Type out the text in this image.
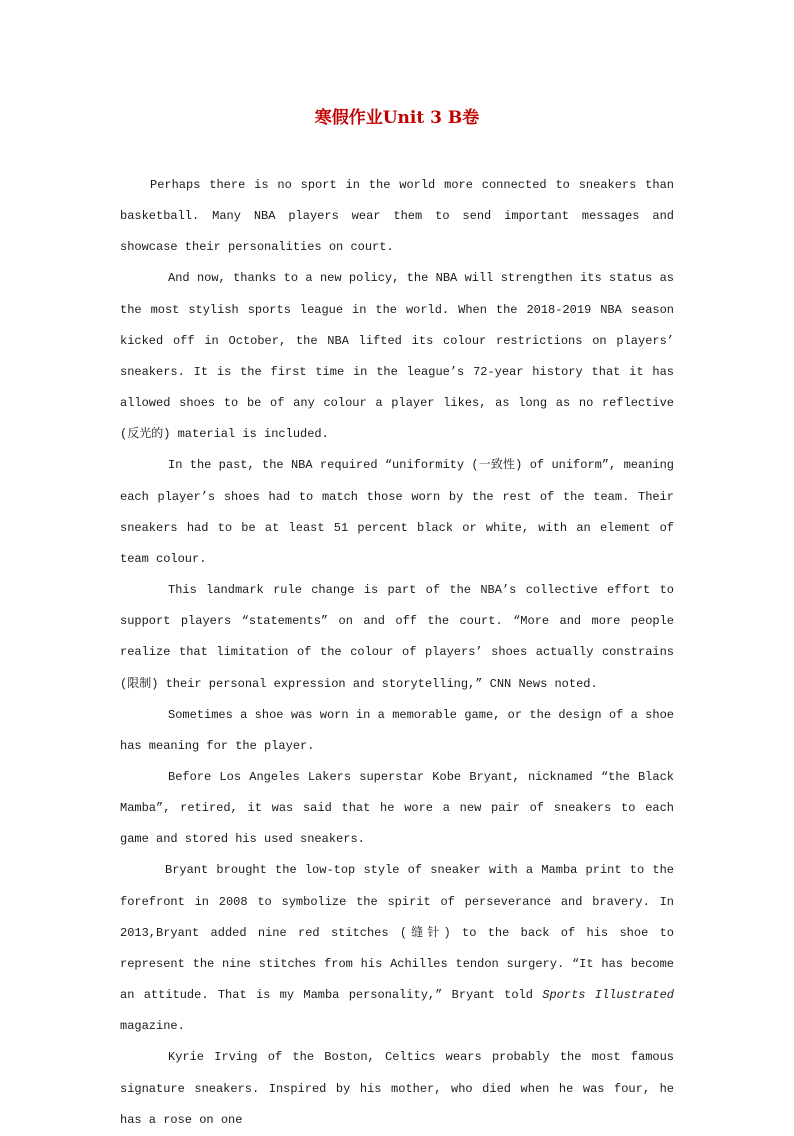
寒假作业Unit 3 B卷

Perhaps there is no sport in the world more connected to sneakers than basketball. Many NBA players wear them to send important messages and showcase their personalities on court.

And now, thanks to a new policy, the NBA will strengthen its status as the most stylish sports league in the world. When the 2018-2019 NBA season kicked off in October, the NBA lifted its colour restrictions on players’ sneakers. It is the first time in the league’s 72-year history that it has allowed shoes to be of any colour a player likes, as long as no reflective (反光的) material is included.

In the past, the NBA required “uniformity (一致性) of uniform”, meaning each player’s shoes had to match those worn by the rest of the team. Their sneakers had to be at least 51 percent black or white, with an element of team colour.

This landmark rule change is part of the NBA’s collective effort to support players “statements” on and off the court. “More and more people realize that limitation of the colour of players’ shoes actually constrains (限制) their personal expression and storytelling,” CNN News noted.

Sometimes a shoe was worn in a memorable game, or the design of a shoe has meaning for the player.

Before Los Angeles Lakers superstar Kobe Bryant, nicknamed “the Black Mamba”, retired, it was said that he wore a new pair of sneakers to each game and stored his used sneakers.

Bryant brought the low-top style of sneaker with a Mamba print to the forefront in 2008 to symbolize the spirit of perseverance and bravery. In 2013,Bryant added nine red stitches (缝针) to the back of his shoe to represent the nine stitches from his Achilles tendon surgery. “It has become an attitude. That is my Mamba personality,” Bryant told Sports Illustrated magazine.

Kyrie Irving of the Boston, Celtics wears probably the most famous signature sneakers. Inspired by his mother, who died when he was four, he has a rose on one
